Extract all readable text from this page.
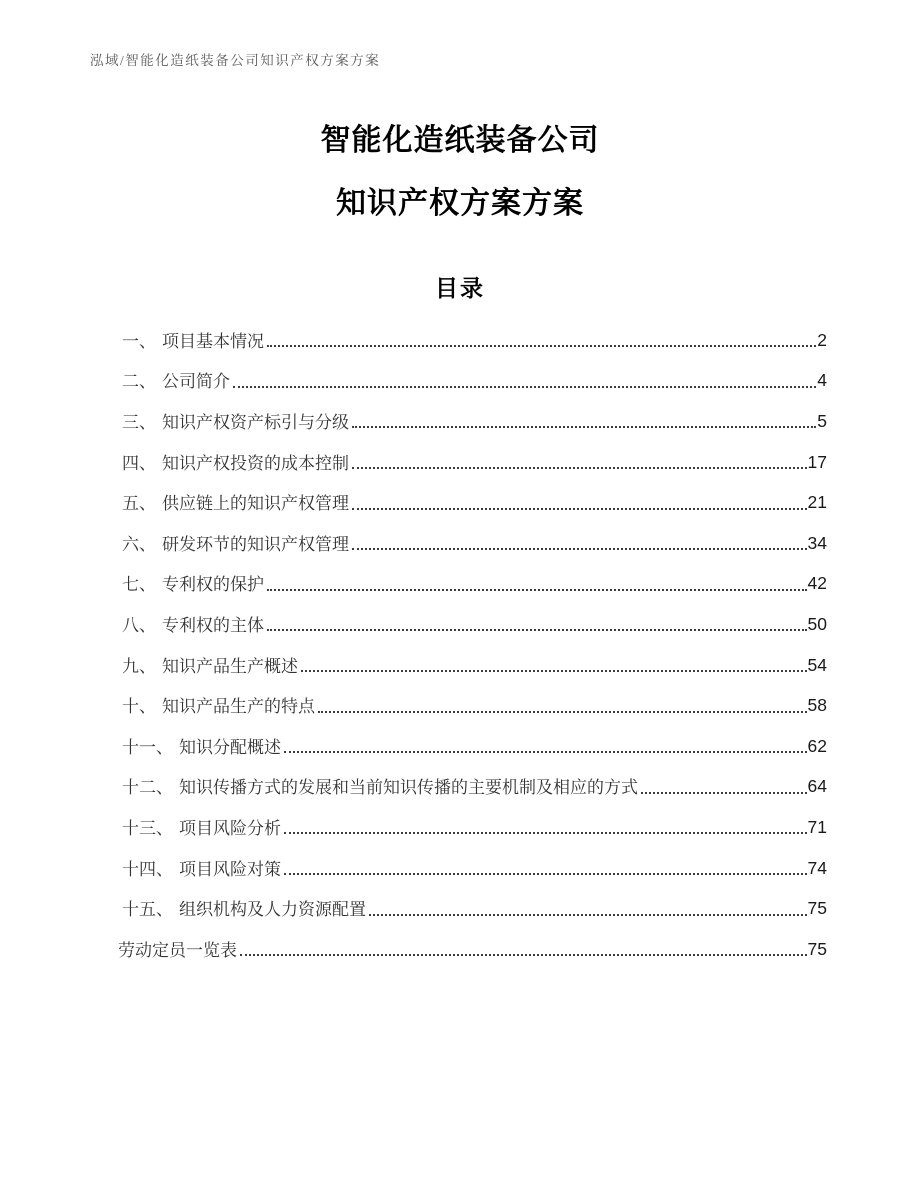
泓域/智能化造纸装备公司知识产权方案方案
智能化造纸装备公司
知识产权方案方案
目录
一、 项目基本情况	2
二、 公司简介	4
三、 知识产权资产标引与分级	5
四、 知识产权投资的成本控制	17
五、 供应链上的知识产权管理	21
六、 研发环节的知识产权管理	34
七、 专利权的保护	42
八、 专利权的主体	50
九、 知识产品生产概述	54
十、 知识产品生产的特点	58
十一、 知识分配概述	62
十二、 知识传播方式的发展和当前知识传播的主要机制及相应的方式	64
十三、 项目风险分析	71
十四、 项目风险对策	74
十五、 组织机构及人力资源配置	75
劳动定员一览表	75
